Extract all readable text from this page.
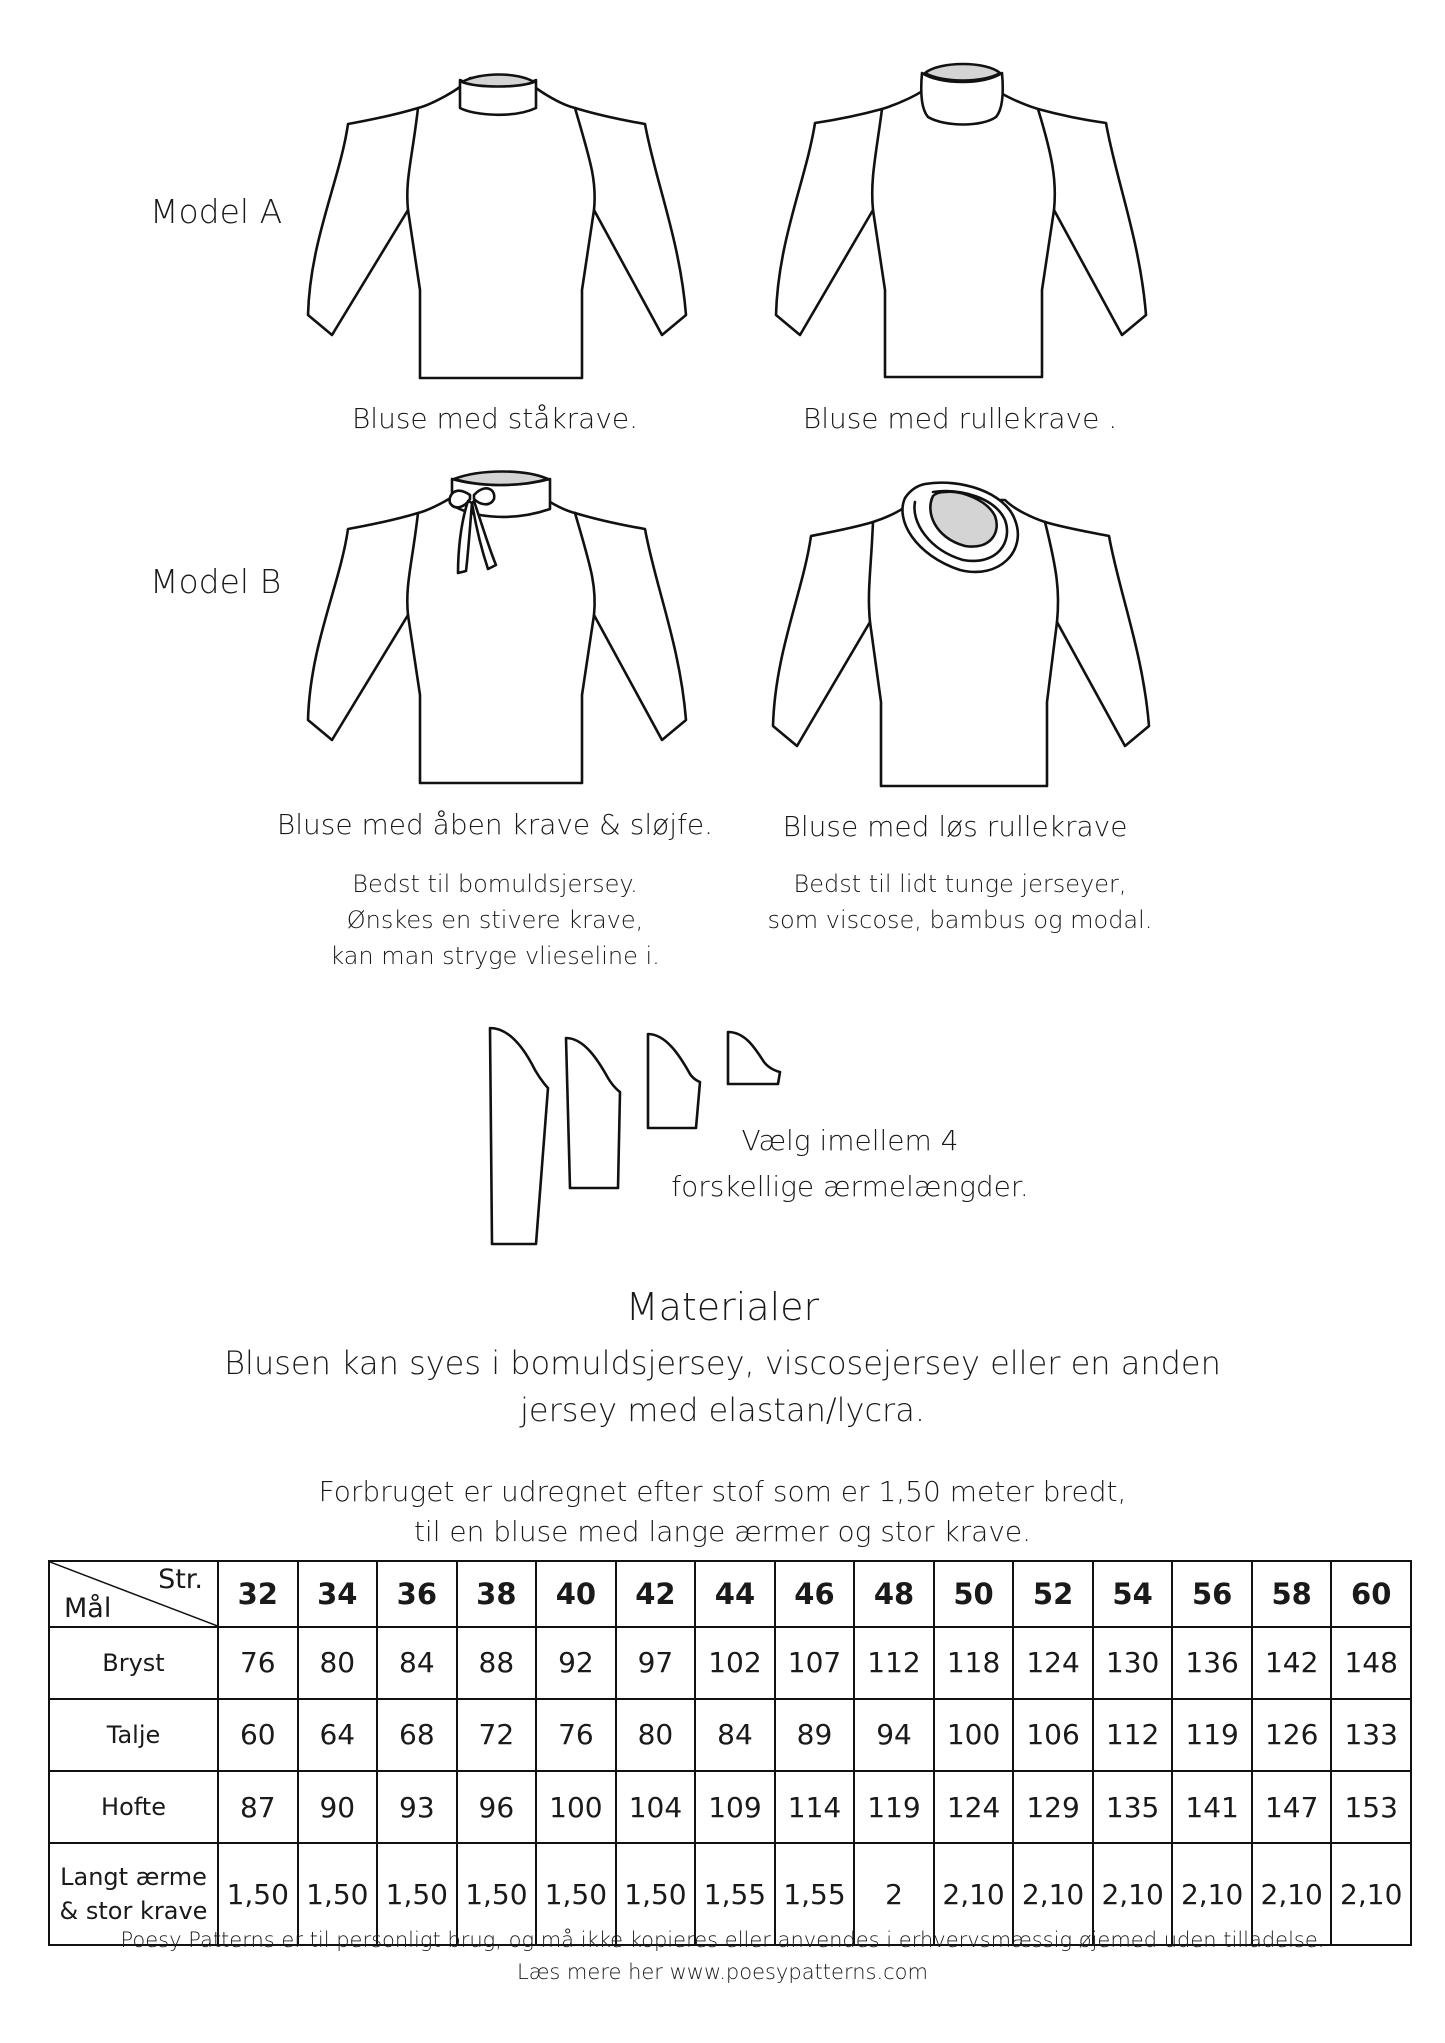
Model A
Model B
Bluse med ståkrave.	Bluse med rullekrave .
Bluse med åben krave & sløjfe.	Bluse med løs rullekrave
Bedst til bomuldsjersey.
Ønskes en stivere krave,
kan man stryge vlieseline i.
Bedst til lidt tunge jerseyer,
som viscose, bambus og modal.
Vælg imellem 4
forskellige ærmelængder.
Materialer
Blusen kan syes i bomuldsjersey, viscosejersey eller en anden
jersey med elastan/lycra.
Forbruget er udregnet efter stof som er 1,50 meter bredt,
til en bluse med lange ærmer og stor krave.
Str.
Mål	32	34	36	38	40	42	44	46	48	50	52	54	56	58	60
Bryst	76	80	84	88	92	97	102	107	112	118	124	130	136	142	148
Talje	60	64	68	72	76	80	84	89	94	100	106	112	119	126	133
Hofte	87	90	93	96	100	104	109	114	119	124	129	135	141	147	153

Langt ærme
& stor krave	1,50	1,50	1,50	1,50	1,50	1,50	1,55	1,55	2	2,10	2,10	2,10	2,10	2,10	2,10
Poesy Patterns er til personligt brug, og må ikke kopieres eller anvendes i erhvervsmæssig øjemed uden tilladelse.
Læs mere her www.poesypatterns.com
